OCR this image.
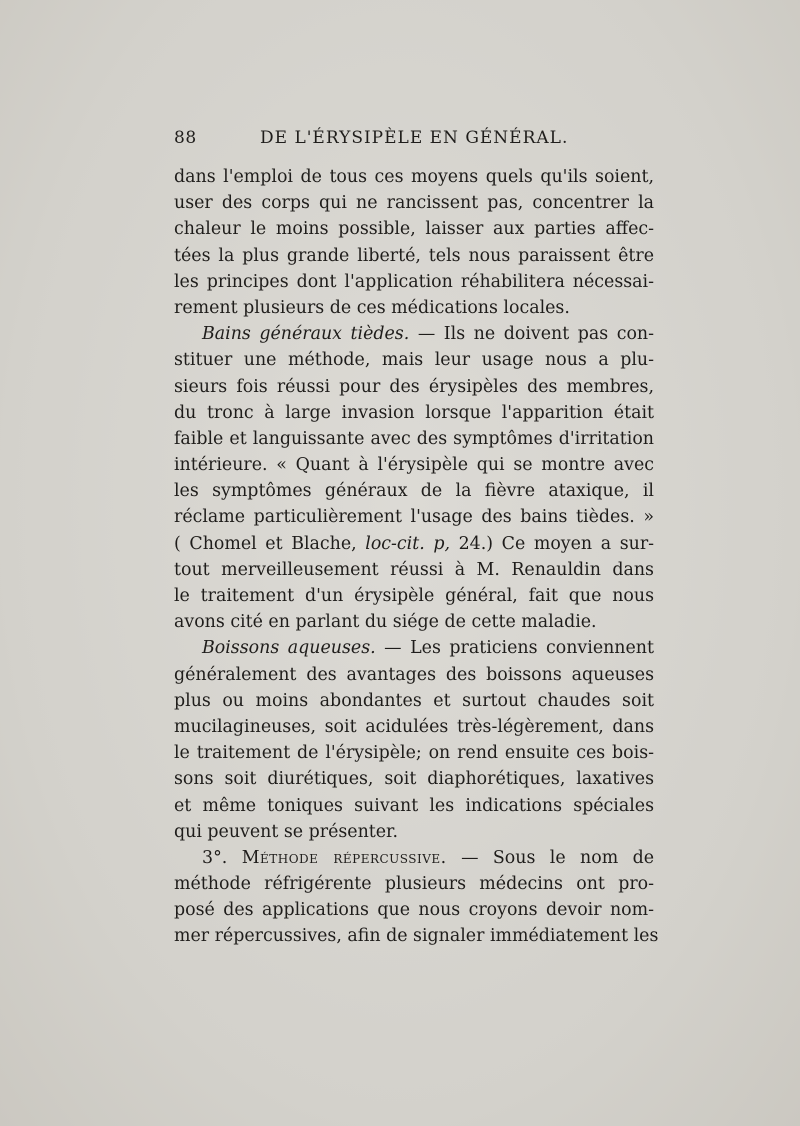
88	DE L'ÉRYSIPÈLE EN GÉNÉRAL.
dans l'emploi de tous ces moyens quels qu'ils soient,
user des corps qui ne rancissent pas, concentrer la
chaleur le moins possible, laisser aux parties affec-
tées la plus grande liberté, tels nous paraissent être
les principes dont l'application réhabilitera nécessai-
rement plusieurs de ces médications locales.
Bains généraux tièdes. — Ils ne doivent pas con-
stituer une méthode, mais leur usage nous a plu-
sieurs fois réussi pour des érysipèles des membres,
du tronc à large invasion lorsque l'apparition était
faible et languissante avec des symptômes d'irritation
intérieure. « Quant à l'érysipèle qui se montre avec
les symptômes généraux de la fièvre ataxique, il
réclame particulièrement l'usage des bains tièdes. »
( Chomel et Blache, loc-cit. p, 24.) Ce moyen a sur-
tout merveilleusement réussi à M. Renauldin dans
le traitement d'un érysipèle général, fait que nous
avons cité en parlant du siége de cette maladie.
Boissons aqueuses. — Les praticiens conviennent
généralement des avantages des boissons aqueuses
plus ou moins abondantes et surtout chaudes soit
mucilagineuses, soit acidulées très-légèrement, dans
le traitement de l'érysipèle; on rend ensuite ces bois-
sons soit diurétiques, soit diaphorétiques, laxatives
et même toniques suivant les indications spéciales
qui peuvent se présenter.
3°. Méthode répercussive. — Sous le nom de
méthode réfrigérente plusieurs médecins ont pro-
posé des applications que nous croyons devoir nom-
mer répercussives, afin de signaler immédiatement les
